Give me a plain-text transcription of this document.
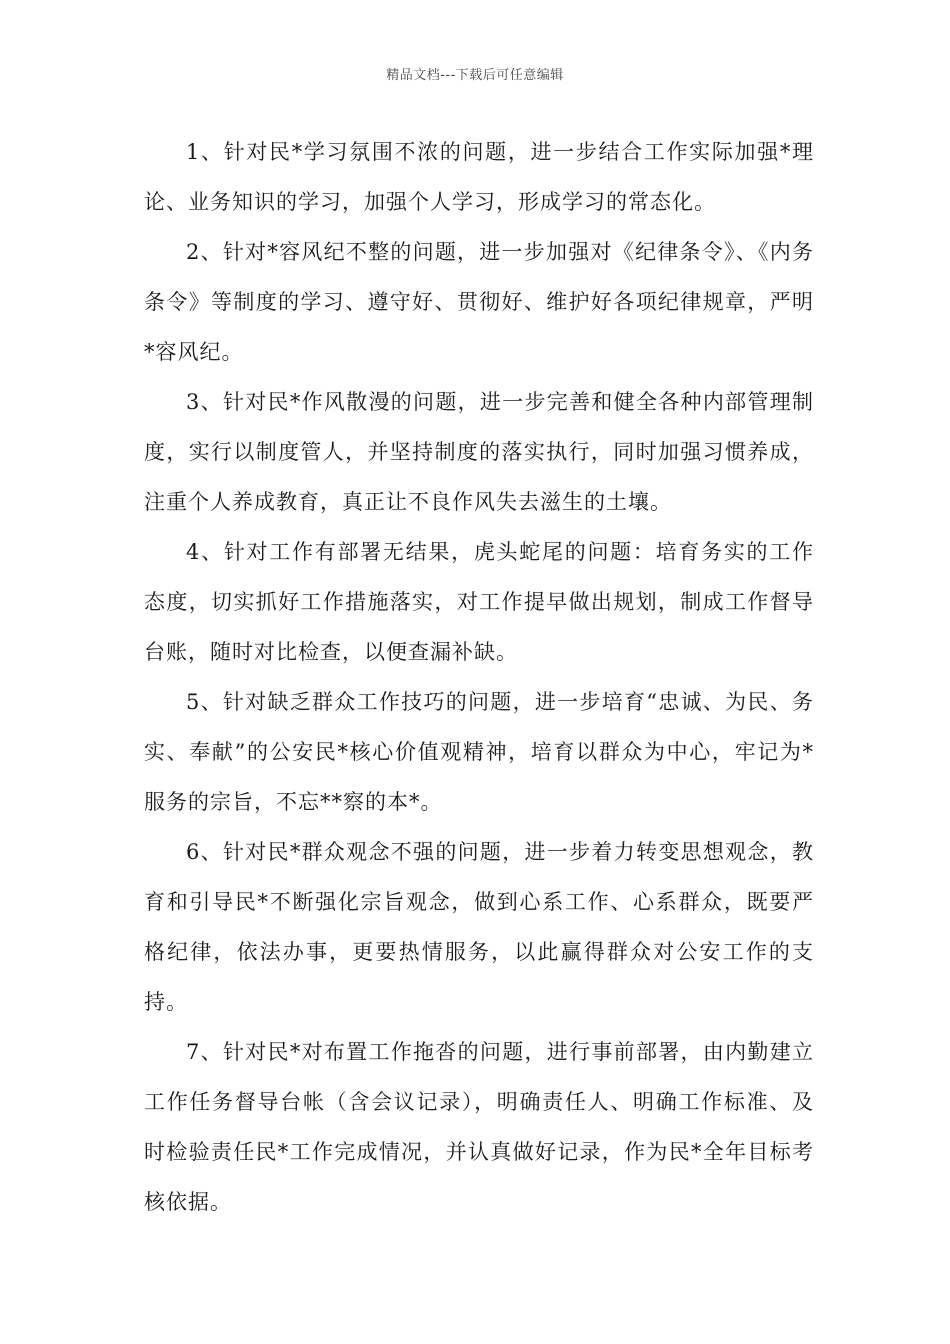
精品文档---下载后可任意编辑

1、针对民*学习氛围不浓的问题，进一步结合工作实际加强*理论、业务知识的学习，加强个人学习，形成学习的常态化。

2、针对*容风纪不整的问题，进一步加强对《纪律条令》、《内务条令》等制度的学习、遵守好、贯彻好、维护好各项纪律规章，严明*容风纪。

3、针对民*作风散漫的问题，进一步完善和健全各种内部管理制度，实行以制度管人，并坚持制度的落实执行，同时加强习惯养成，注重个人养成教育，真正让不良作风失去滋生的土壤。

4、针对工作有部署无结果，虎头蛇尾的问题：培育务实的工作态度，切实抓好工作措施落实，对工作提早做出规划，制成工作督导台账，随时对比检查，以便查漏补缺。

5、针对缺乏群众工作技巧的问题，进一步培育“忠诚、为民、务实、奉献”的公安民*核心价值观精神，培育以群众为中心，牢记为*服务的宗旨，不忘**察的本*。

6、针对民*群众观念不强的问题，进一步着力转变思想观念，教育和引导民*不断强化宗旨观念，做到心系工作、心系群众，既要严格纪律，依法办事，更要热情服务，以此赢得群众对公安工作的支持。

7、针对民*对布置工作拖沓的问题，进行事前部署，由内勤建立工作任务督导台帐（含会议记录），明确责任人、明确工作标准、及时检验责任民*工作完成情况，并认真做好记录，作为民*全年目标考核依据。
